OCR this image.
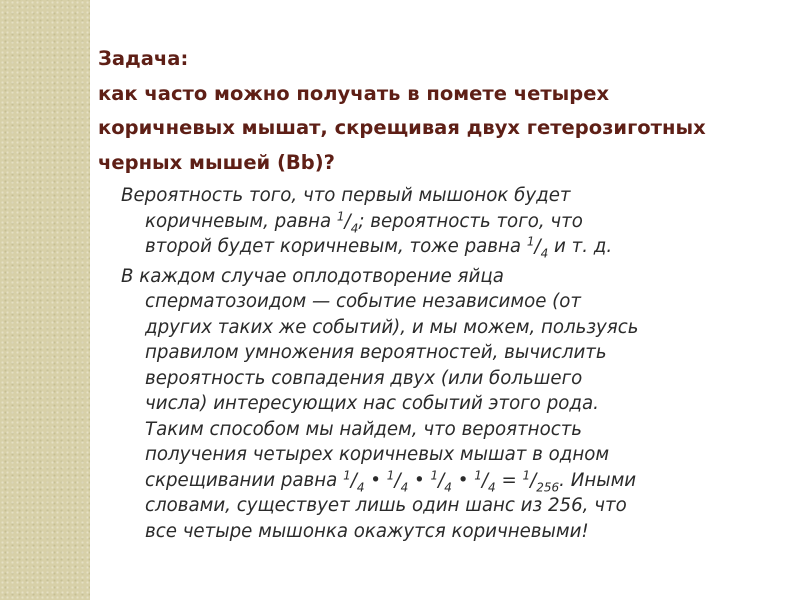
Задача:
как часто можно получать в помете четырех
коричневых мышат, скрещивая двух гетерозиготных
черных мышей (Вb)?
Вероятность того, что первый мышонок будет
коричневым, равна $^1/_4$; вероятность того, что
второй будет коричневым, тоже равна $^1/_4$ и т. д.
В каждом случае оплодотворение яйца
сперматозоидом — событие независимое (от
других таких же событий), и мы можем, пользуясь
правилом умножения вероятностей, вычислить
вероятность совпадения двух (или большего
числа) интересующих нас событий этого рода.
Таким способом мы найдем, что вероятность
получения четырех коричневых мышат в одном
скрещивании равна $^1/_4$ • $^1/_4$ • $^1/_4$ • $^1/_4 = ^1/_{256}$. Иными
словами, существует лишь один шанс из 256, что
все четыре мышонка окажутся коричневыми!
